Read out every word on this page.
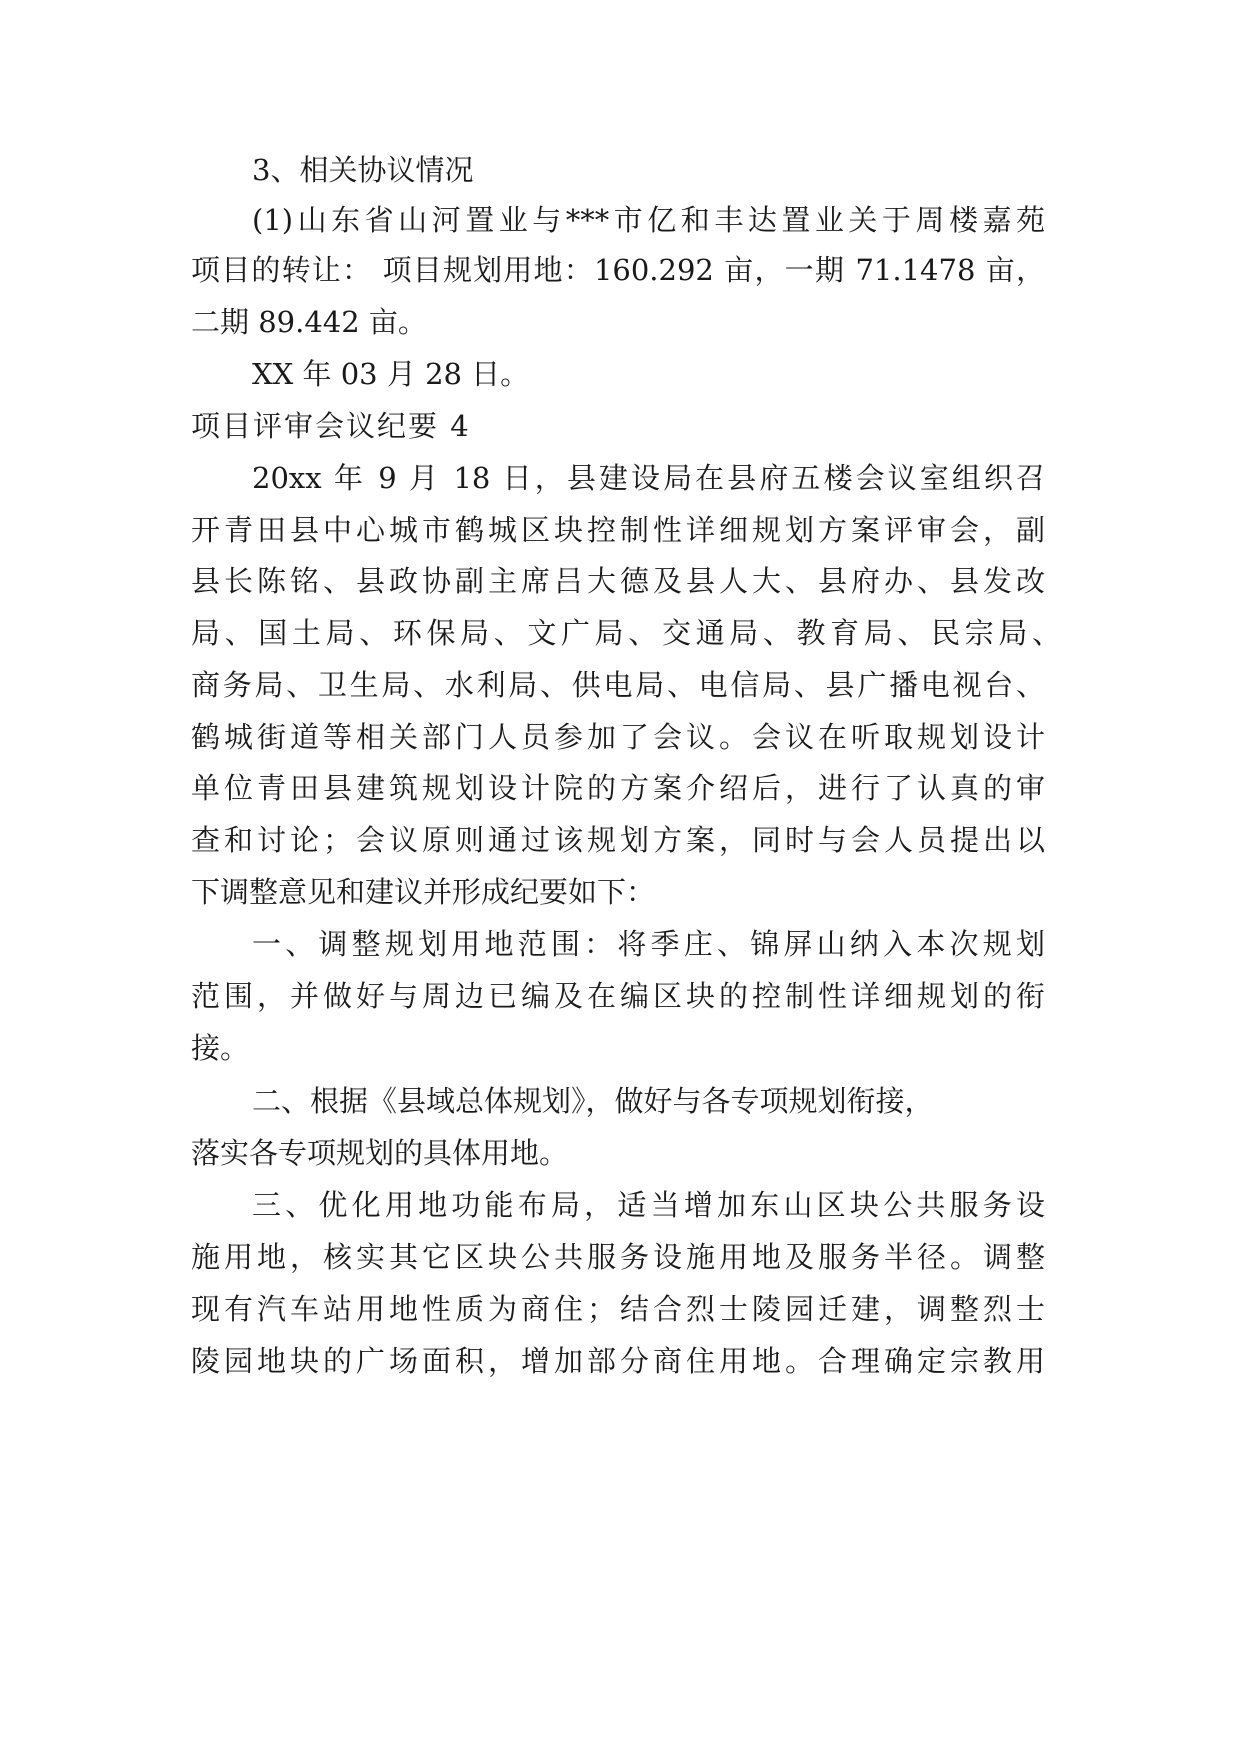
3、相关协议情况
(1)山东省山河置业与***市亿和丰达置业关于周楼嘉苑
项目的转让： 项目规划用地：160.292 亩，一期 71.1478 亩，
二期 89.442 亩。
XX 年 03 月 28 日。
项目评审会议纪要 4
20xx 年 9 月 18 日，县建设局在县府五楼会议室组织召
开青田县中心城市鹤城区块控制性详细规划方案评审会，副
县长陈铭、县政协副主席吕大德及县人大、县府办、县发改
局、国土局、环保局、文广局、交通局、教育局、民宗局、
商务局、卫生局、水利局、供电局、电信局、县广播电视台、
鹤城街道等相关部门人员参加了会议。会议在听取规划设计
单位青田县建筑规划设计院的方案介绍后，进行了认真的审
查和讨论；会议原则通过该规划方案，同时与会人员提出以
下调整意见和建议并形成纪要如下：
一、调整规划用地范围：将季庄、锦屏山纳入本次规划
范围，并做好与周边已编及在编区块的控制性详细规划的衔
接。
二、根据《县域总体规划》，做好与各专项规划衔接，
落实各专项规划的具体用地。
三、优化用地功能布局，适当增加东山区块公共服务设
施用地，核实其它区块公共服务设施用地及服务半径。调整
现有汽车站用地性质为商住；结合烈士陵园迁建，调整烈士
陵园地块的广场面积，增加部分商住用地。合理确定宗教用
